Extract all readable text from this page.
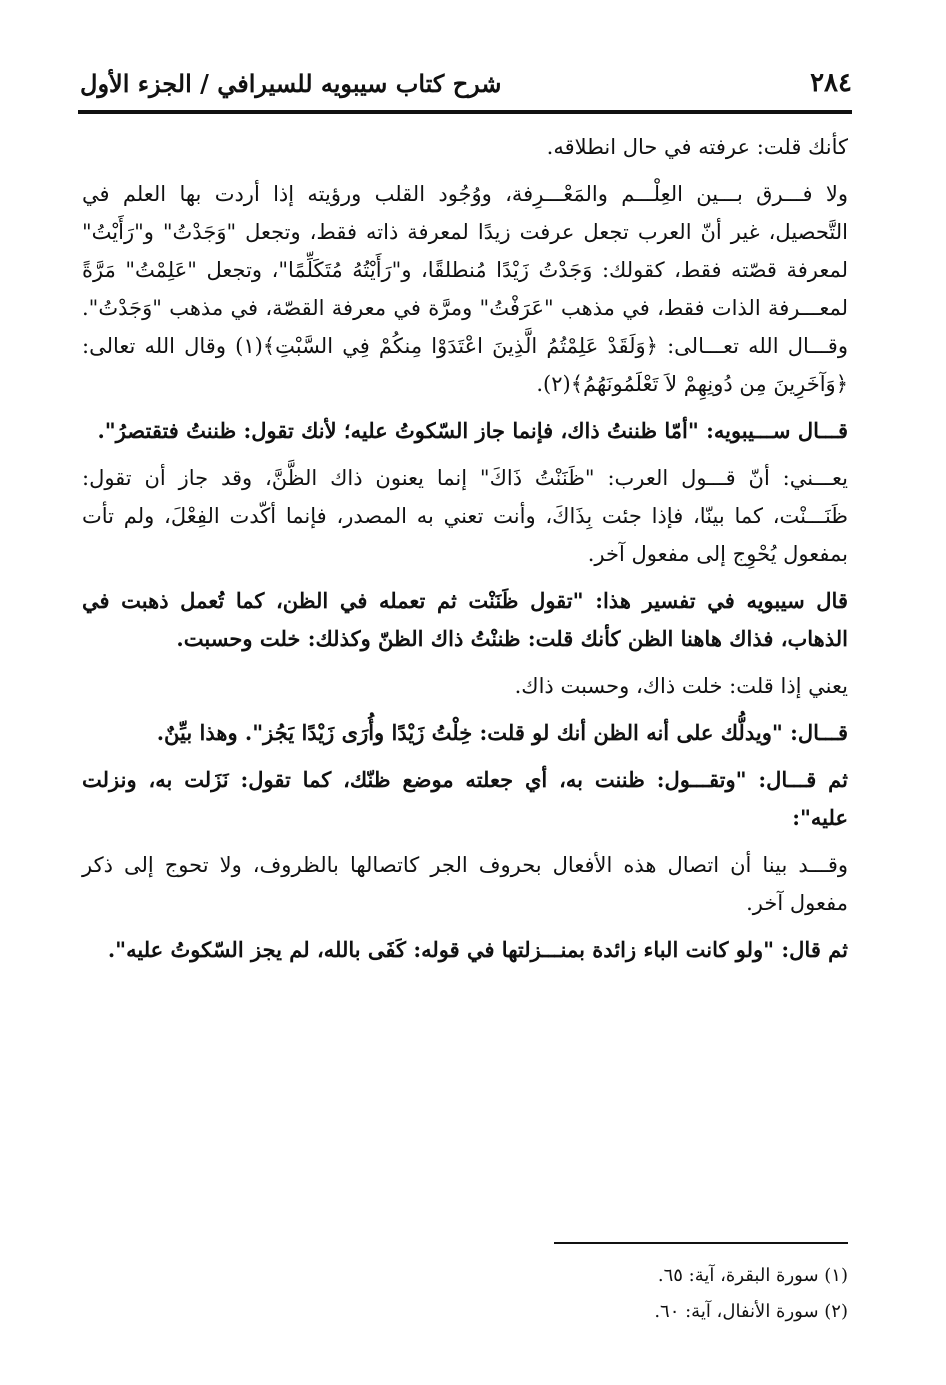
٢٨٤
شرح كتاب سيبويه للسيرافي / الجزء الأول

كأنك قلت: عرفته في حال انطلاقه.

ولا فـــرق بـــين العِلْـــم والمَعْـــرِفة، ووُجُود القلب ورؤيته إذا أردت بها العلم في التَّحصيل، غير أنّ العرب تجعل عرفت زيدًا لمعرفة ذاته فقط، وتجعل "وَجَدْتُ" و"رَأَيْتُ" لمعرفة قصّته فقط، كقولك: وَجَدْتُ زَيْدًا مُنطلقًا، و"رَأَيْتُهُ مُتَكَلِّمًا"، وتجعل "عَلِمْتُ" مَرَّةً لمعـــرفة الذات فقط، في مذهب "عَرَفْتُ" ومرَّة في معرفة القصّة، في مذهب "وَجَدْتُ". وقـــال الله تعـــالى: ﴿وَلَقَدْ عَلِمْتُمُ الَّذِينَ اعْتَدَوْا مِنكُمْ فِي السَّبْتِ﴾(١) وقال الله تعالى: ﴿وَآخَرِينَ مِن دُونِهِمْ لاَ تَعْلَمُونَهُمُ﴾(٢).

قـــال ســـيبويه: "أمّا ظننتُ ذاك، فإنما جاز السّكوتُ عليه؛ لأنك تقول: ظننتُ فتقتصرُ".

يعـــني: أنّ قـــول العرب: "ظَنَنْتُ ذَاكَ" إنما يعنون ذاك الظَّنَّ، وقد جاز أن تقول: ظَنَـــنْت، كما بينّا، فإذا جئت بِذَاكَ، وأنت تعني به المصدر، فإنما أكّدت الفِعْلَ، ولم تأت بمفعول يُحْوِج إلى مفعول آخر.

قال سيبويه في تفسير هذا: "تقول ظَنَنْت ثم تعمله في الظن، كما تُعمل ذهبت في الذهاب، فذاك هاهنا الظن كأنك قلت: ظننْتُ ذاك الظنّ وكذلك: خلت وحسبت.

يعني إذا قلت: خلت ذاك، وحسبت ذاك.

قـــال: "ويدلُّك على أنه الظن أنك لو قلت: خِلْتُ زَيْدًا وأُرَى زَيْدًا يَجُز". وهذا بيِّنٌ.

ثم قـــال: "وتقـــول: ظننت به، أي جعلته موضع ظنّك، كما تقول: نَزَلت به، ونزلت عليه":

وقـــد بينا أن اتصال هذه الأفعال بحروف الجر كاتصالها بالظروف، ولا تحوج إلى ذكر مفعول آخر.

ثم قال: "ولو كانت الباء زائدة بمنـــزلتها في قوله: كَفَى بالله، لم يجز السّكوتُ عليه".

(١) سورة البقرة، آية: ٦٥.
(٢) سورة الأنفال، آية: ٦٠.
